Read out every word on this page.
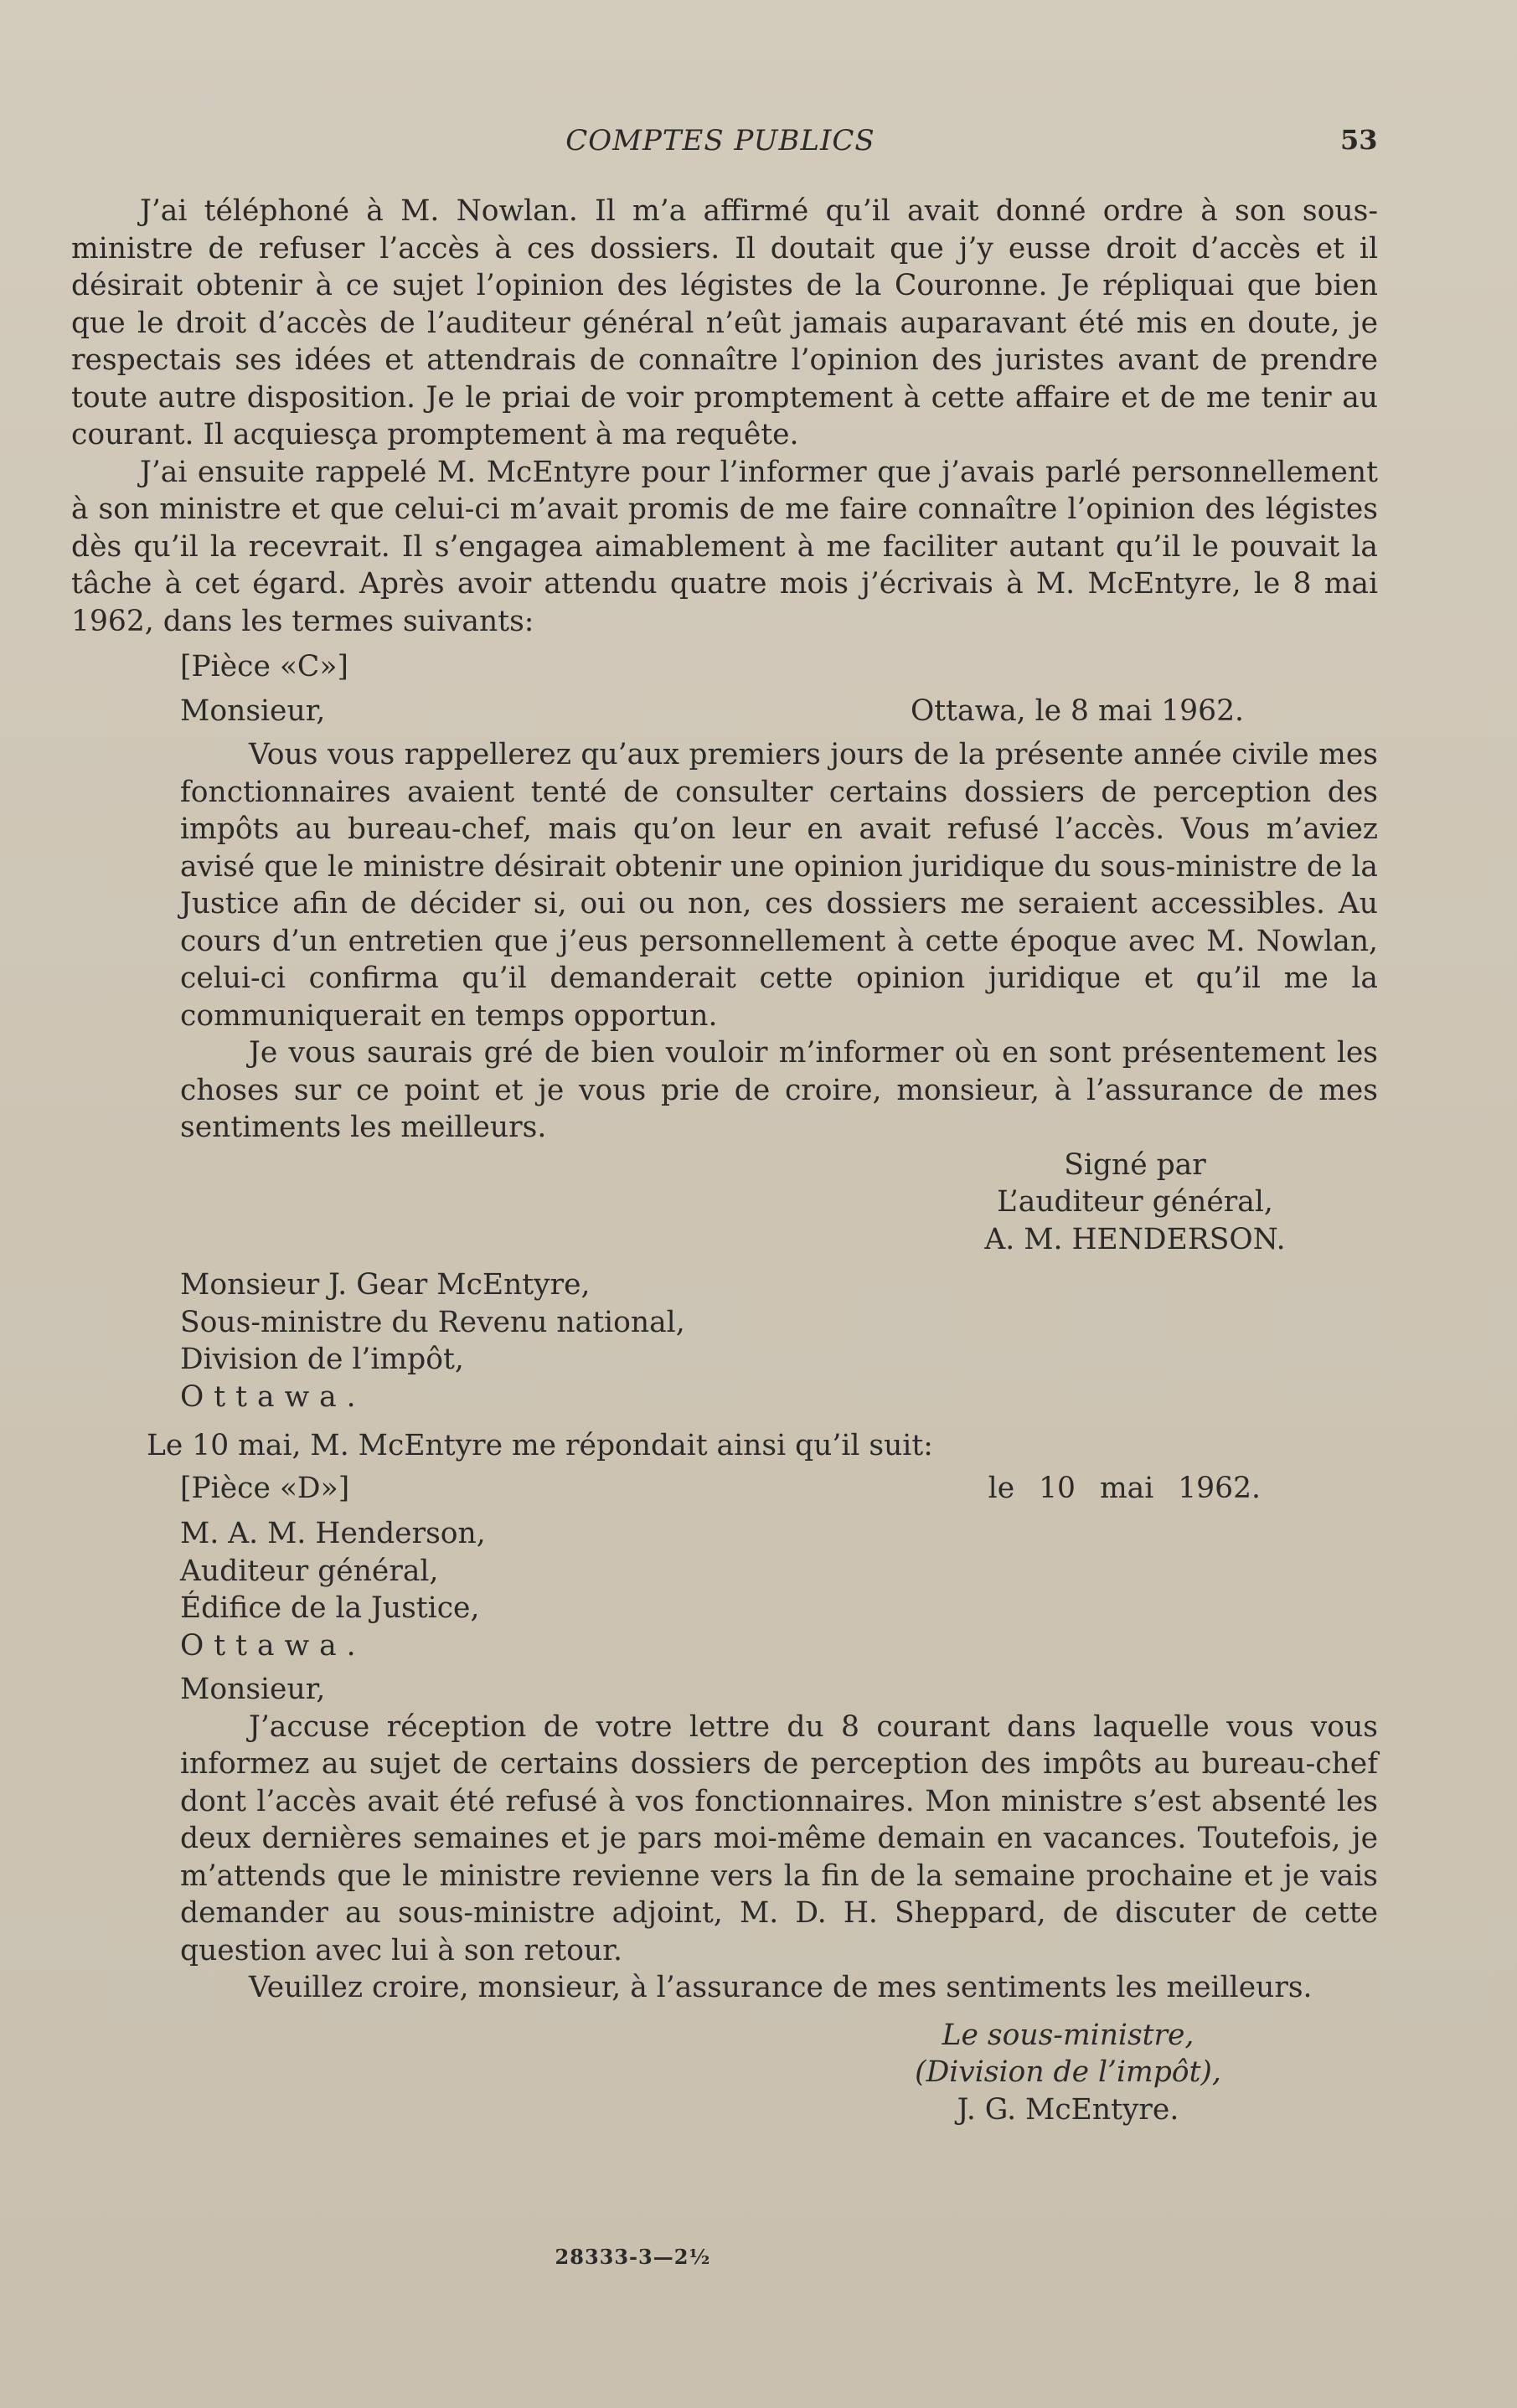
COMPTES PUBLICS	53

J’ai téléphoné à M. Nowlan. Il m’a affirmé qu’il avait donné ordre à son sous-ministre de refuser l’accès à ces dossiers. Il doutait que j’y eusse droit d’accès et il désirait obtenir à ce sujet l’opinion des légistes de la Couronne. Je répliquai que bien que le droit d’accès de l’auditeur général n’eût jamais auparavant été mis en doute, je respectais ses idées et attendrais de connaître l’opinion des juristes avant de prendre toute autre disposition. Je le priai de voir promptement à cette affaire et de me tenir au courant. Il acquiesça promptement à ma requête.

J’ai ensuite rappelé M. McEntyre pour l’informer que j’avais parlé personnellement à son ministre et que celui-ci m’avait promis de me faire connaître l’opinion des légistes dès qu’il la recevrait. Il s’engagea aimablement à me faciliter autant qu’il le pouvait la tâche à cet égard. Après avoir attendu quatre mois j’écrivais à M. McEntyre, le 8 mai 1962, dans les termes suivants:

[Pièce «C»]
Monsieur,	Ottawa, le 8 mai 1962.

Vous vous rappellerez qu’aux premiers jours de la présente année civile mes fonctionnaires avaient tenté de consulter certains dossiers de perception des impôts au bureau-chef, mais qu’on leur en avait refusé l’accès. Vous m’aviez avisé que le ministre désirait obtenir une opinion juridique du sous-ministre de la Justice afin de décider si, oui ou non, ces dossiers me seraient accessibles. Au cours d’un entretien que j’eus personnellement à cette époque avec M. Nowlan, celui-ci confirma qu’il demanderait cette opinion juridique et qu’il me la communiquerait en temps opportun.

Je vous saurais gré de bien vouloir m’informer où en sont présentement les choses sur ce point et je vous prie de croire, monsieur, à l’assurance de mes sentiments les meilleurs.

Signé par
L’auditeur général,
A. M. HENDERSON.
Monsieur J. Gear McEntyre,
Sous-ministre du Revenu national,
Division de l’impôt,
Ottawa.
Le 10 mai, M. McEntyre me répondait ainsi qu’il suit:
[Pièce «D»]	le 10 mai 1962.
M. A. M. Henderson,
Auditeur général,
Édifice de la Justice,
Ottawa.
Monsieur,

J’accuse réception de votre lettre du 8 courant dans laquelle vous vous informez au sujet de certains dossiers de perception des impôts au bureau-chef dont l’accès avait été refusé à vos fonctionnaires. Mon ministre s’est absenté les deux dernières semaines et je pars moi-même demain en vacances. Toutefois, je m’attends que le ministre revienne vers la fin de la semaine prochaine et je vais demander au sous-ministre adjoint, M. D. H. Sheppard, de discuter de cette question avec lui à son retour.

Veuillez croire, monsieur, à l’assurance de mes sentiments les meilleurs.

Le sous-ministre,
(Division de l’impôt),
J. G. McEntyre.
28333-3—2½
